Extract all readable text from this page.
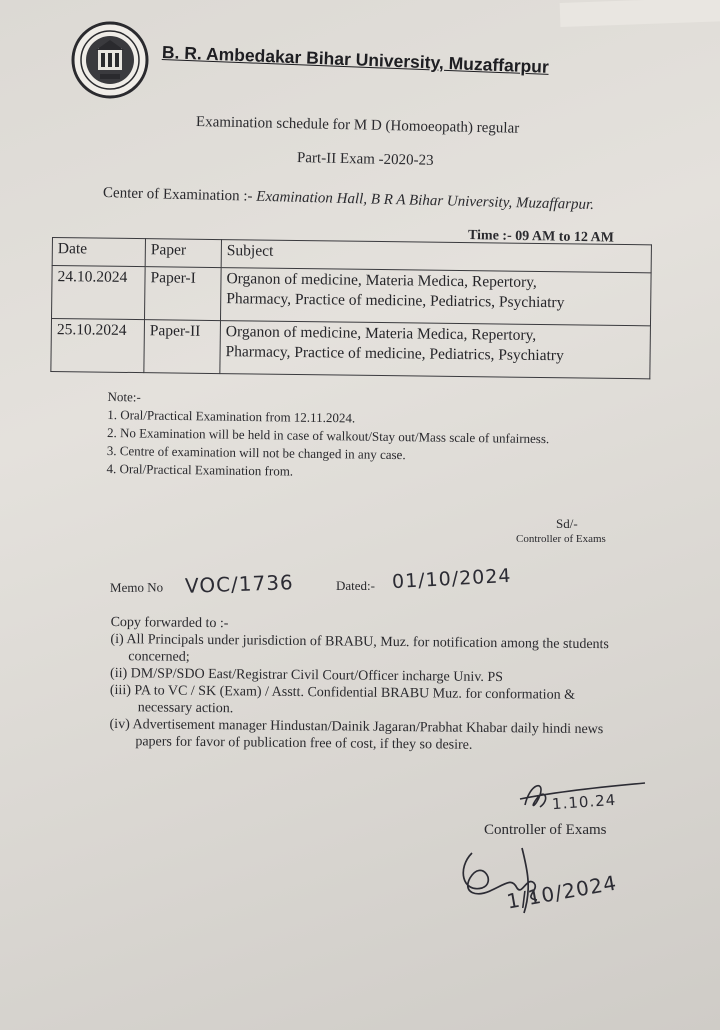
B. R. Ambedakar Bihar University, Muzaffarpur
Examination schedule for M D (Homoeopath) regular
Part-II Exam -2020-23
Center of Examination :- Examination Hall, B R A Bihar University, Muzaffarpur.
Time :- 09 AM to 12 AM
Date	Paper	Subject
24.10.2024	Paper-I	Organon of medicine, Materia Medica, Repertory,
Pharmacy, Practice of medicine, Pediatrics, Psychiatry

25.10.2024	Paper-II	Organon of medicine, Materia Medica, Repertory,
Pharmacy, Practice of medicine, Pediatrics, Psychiatry
Note:-
1. Oral/Practical Examination from 12.11.2024.
2. No Examination will be held in case of walkout/Stay out/Mass scale of unfairness.
3. Centre of examination will not be changed in any case.
4. Oral/Practical Examination from.
Sd/-
Controller of Exams
Memo No VOC/1736	Dated:- 01/10/2024
Copy forwarded to :-
(i) All Principals under jurisdiction of BRABU, Muz. for notification among the students
concerned;
(ii) DM/SP/SDO East/Registrar Civil Court/Officer incharge Univ. PS
(iii) PA to VC / SK (Exam) / Asstt. Confidential BRABU Muz. for conformation &
necessary action.
(iv) Advertisement manager Hindustan/Dainik Jagaran/Prabhat Khabar daily hindi news
papers for favor of publication free of cost, if they so desire.
1.10.24
Controller of Exams
1/10/2024
